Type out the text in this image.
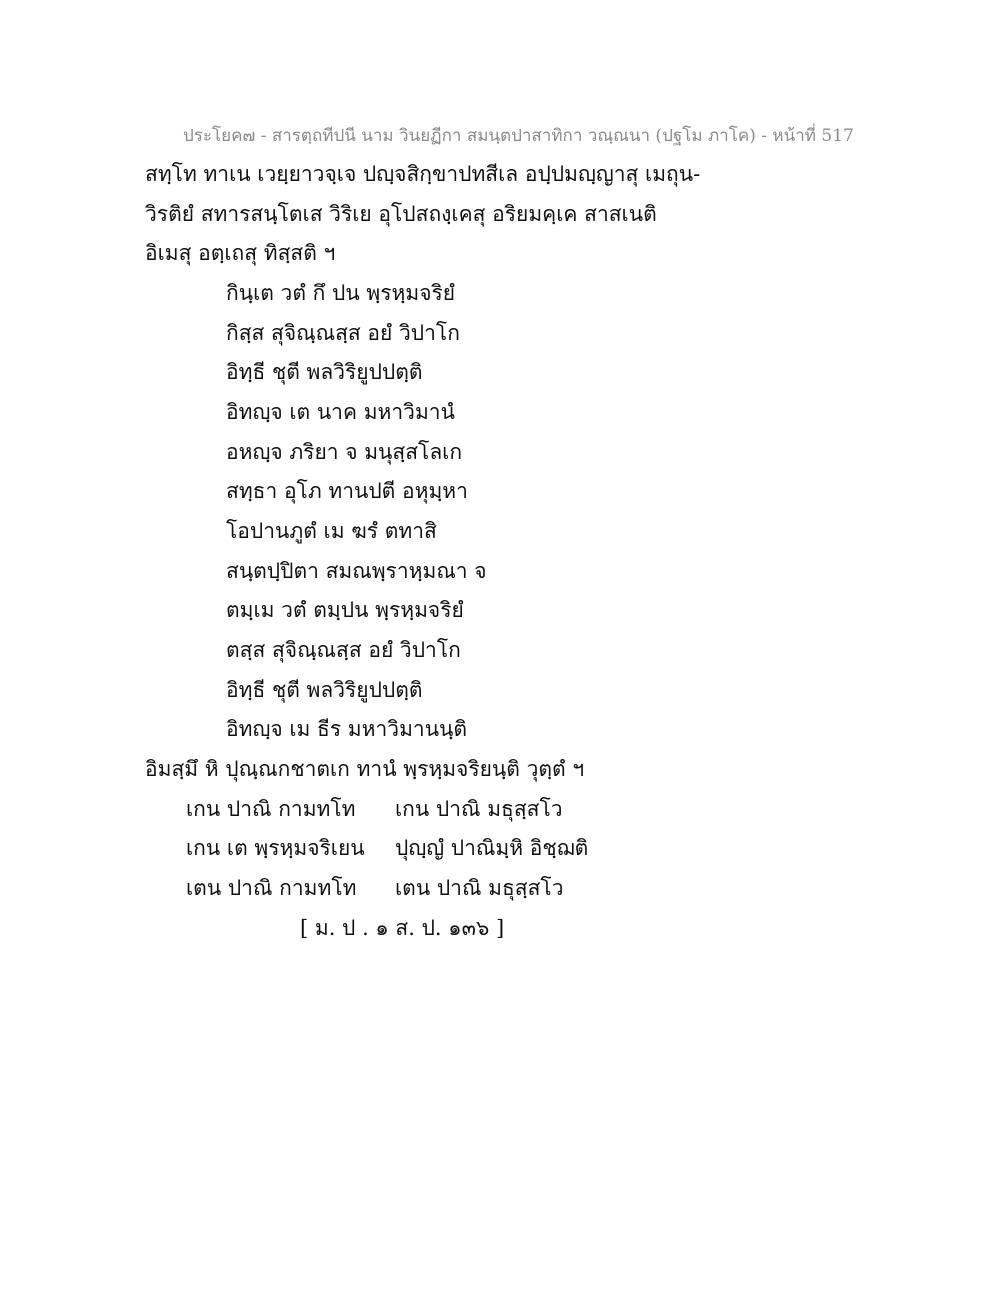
ประโยค๗ - สารตฺถทีปนี นาม วินยฏีกา สมนฺตปาสาทิกา วณฺณนา (ปฐโม ภาโค) - หน้าที่ 517
สทฺโท ทาเน เวยฺยาวจฺเจ ปญฺจสิกฺขาปทสีเล อปฺปมญฺญาสุ เมถุน-
วิรติยํ สทารสนฺโตเส วิริเย อุโปสถงฺเคสุ อริยมคฺเค สาสเนติ
อิเมสุ อตฺเถสุ ทิสฺสติ ฯ
กินฺเต วตํ กึ ปน พฺรหฺมจริยํ
กิสฺส สุจิณฺณสฺส อยํ วิปาโก
อิทฺธี ชุตี พลวิริยูปปตฺติ
อิทญฺจ เต นาค มหาวิมานํ
อหญฺจ ภริยา จ มนุสฺสโลเก
สทฺธา อุโภ ทานปตี อหุมฺหา
โอปานภูตํ เม ฆรํ ตทาสิ
สนฺตปฺปิตา สมณพฺราหฺมณา จ
ตมฺเม วตํ ตมฺปน พฺรหฺมจริยํ
ตสฺส สุจิณฺณสฺส อยํ วิปาโก
อิทฺธี ชุตี พลวิริยูปปตฺติ
อิทญฺจ เม ธีร มหาวิมานนฺติ
อิมสฺมึ หิ ปุณฺณกชาตเก ทานํ พฺรหฺมจริยนฺติ วุตฺตํ ฯ
เกน ปาณิ กามทโท เกน ปาณิ มธุสฺสโว
เกน เต พฺรหฺมจริเยน ปุญฺญํ ปาณิมฺหิ อิชฺฌติ
เตน ปาณิ กามทโท เตน ปาณิ มธุสฺสโว
[ ม. ป . ๑ ส. ป. ๑๓๖ ]
